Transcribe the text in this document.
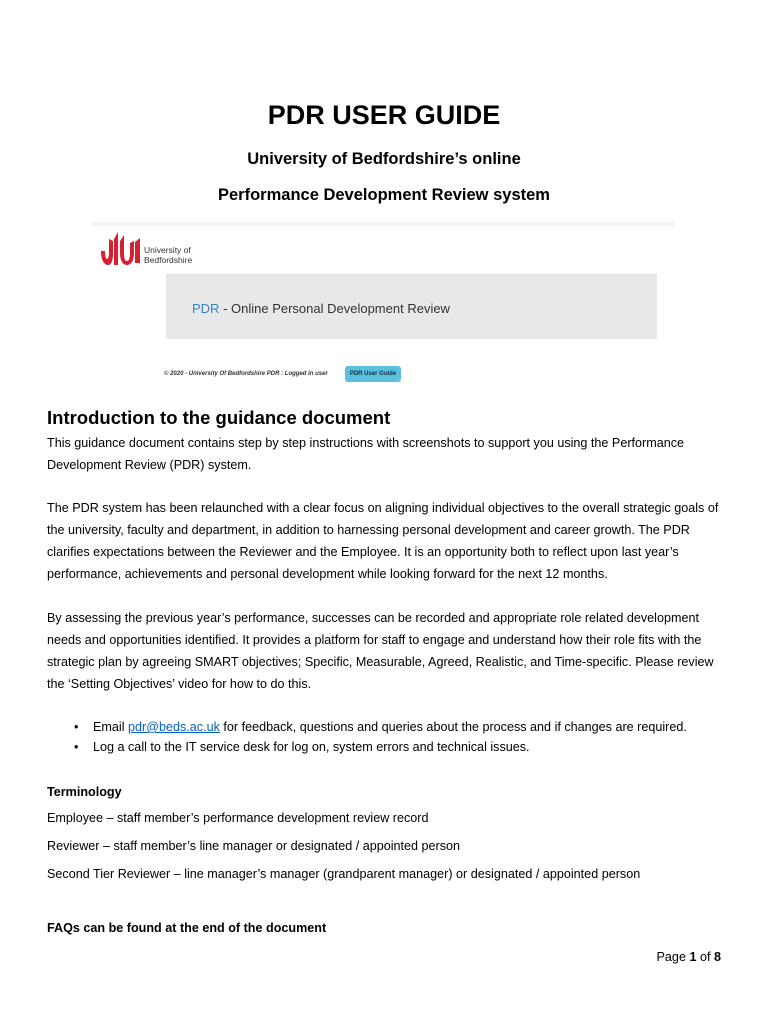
PDR USER GUIDE
University of Bedfordshire’s online
Performance Development Review system
University of
Bedfordshire
PDR - Online Personal Development Review
© 2020 - University Of Bedfordshire PDR : Logged in user	PDR User Guide
Introduction to the guidance document
This guidance document contains step by step instructions with screenshots to support you using the Performance Development Review (PDR) system.
The PDR system has been relaunched with a clear focus on aligning individual objectives to the overall strategic goals of the university, faculty and department, in addition to harnessing personal development and career growth. The PDR clarifies expectations between the Reviewer and the Employee. It is an opportunity both to reflect upon last year’s performance, achievements and personal development while looking forward for the next 12 months.
By assessing the previous year’s performance, successes can be recorded and appropriate role related development needs and opportunities identified. It provides a platform for staff to engage and understand how their role fits with the strategic plan by agreeing SMART objectives; Specific, Measurable, Agreed, Realistic, and Time-specific. Please review the ‘Setting Objectives’ video for how to do this.
• Email pdr@beds.ac.uk for feedback, questions and queries about the process and if changes are required.
• Log a call to the IT service desk for log on, system errors and technical issues.
Terminology
Employee – staff member’s performance development review record
Reviewer – staff member’s line manager or designated / appointed person
Second Tier Reviewer – line manager’s manager (grandparent manager) or designated / appointed person
FAQs can be found at the end of the document
Page 1 of 8
